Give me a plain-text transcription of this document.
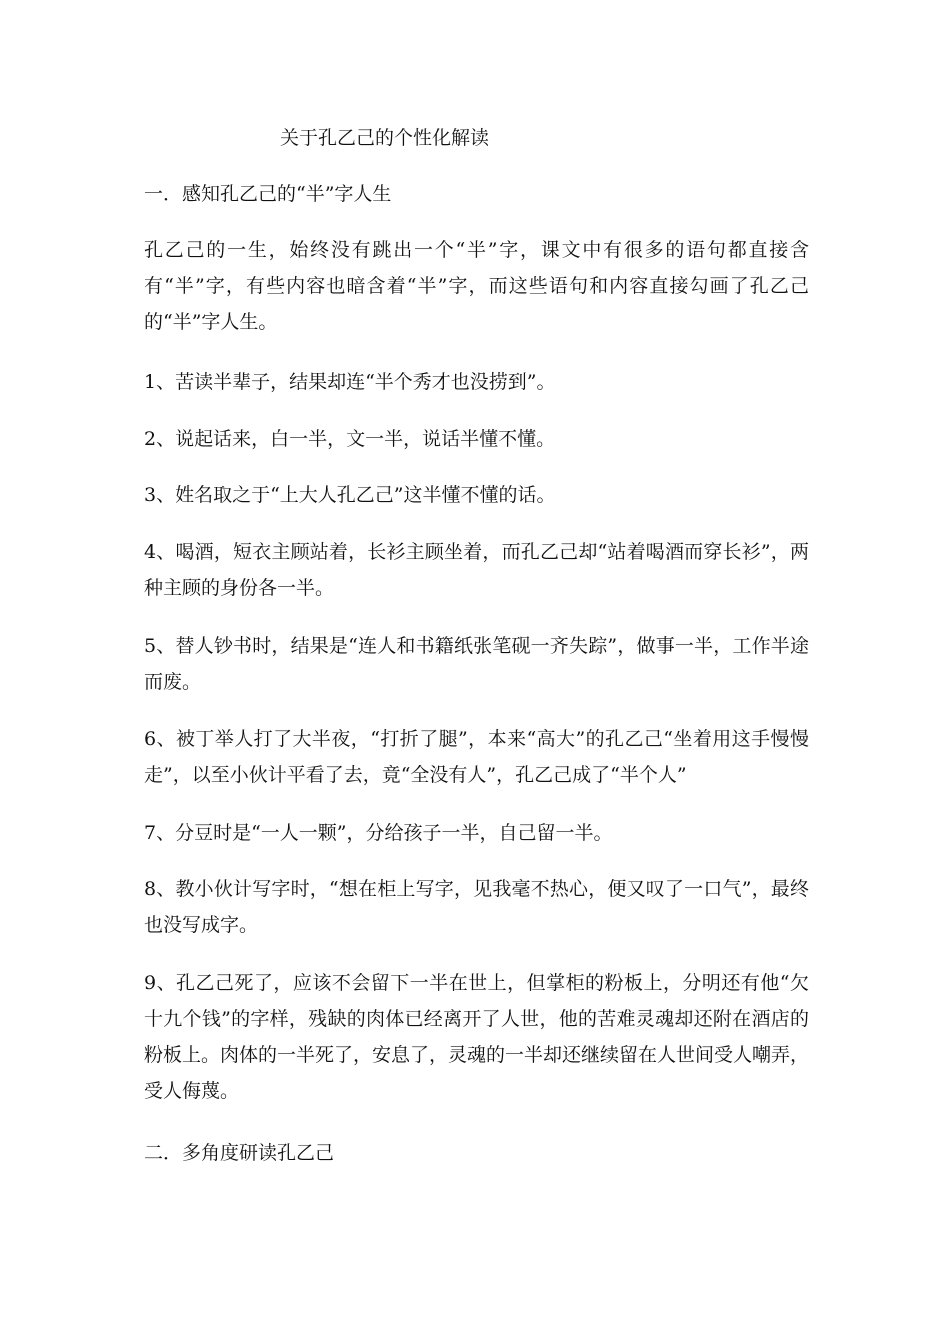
关于孔乙己的个性化解读

一．感知孔乙己的“半”字人生

孔乙己的一生，始终没有跳出一个“半”字，课文中有很多的语句都直接含有“半”字，有些内容也暗含着“半”字，而这些语句和内容直接勾画了孔乙己的“半”字人生。

1、苦读半辈子，结果却连“半个秀才也没捞到”。

2、说起话来，白一半，文一半，说话半懂不懂。

3、姓名取之于“上大人孔乙己”这半懂不懂的话。

4、喝酒，短衣主顾站着，长衫主顾坐着，而孔乙己却“站着喝酒而穿长衫”，两种主顾的身份各一半。

5、替人钞书时，结果是“连人和书籍纸张笔砚一齐失踪”，做事一半，工作半途而废。

6、被丁举人打了大半夜，“打折了腿”，本来“高大”的孔乙己“坐着用这手慢慢走”，以至小伙计平看了去，竟“全没有人”，孔乙己成了“半个人”

7、分豆时是“一人一颗”，分给孩子一半，自己留一半。

8、教小伙计写字时，“想在柜上写字，见我毫不热心，便又叹了一口气”，最终也没写成字。

9、孔乙己死了，应该不会留下一半在世上，但掌柜的粉板上，分明还有他“欠十九个钱”的字样，残缺的肉体已经离开了人世，他的苦难灵魂却还附在酒店的粉板上。肉体的一半死了，安息了，灵魂的一半却还继续留在人世间受人嘲弄，受人侮蔑。

二．多角度研读孔乙己
